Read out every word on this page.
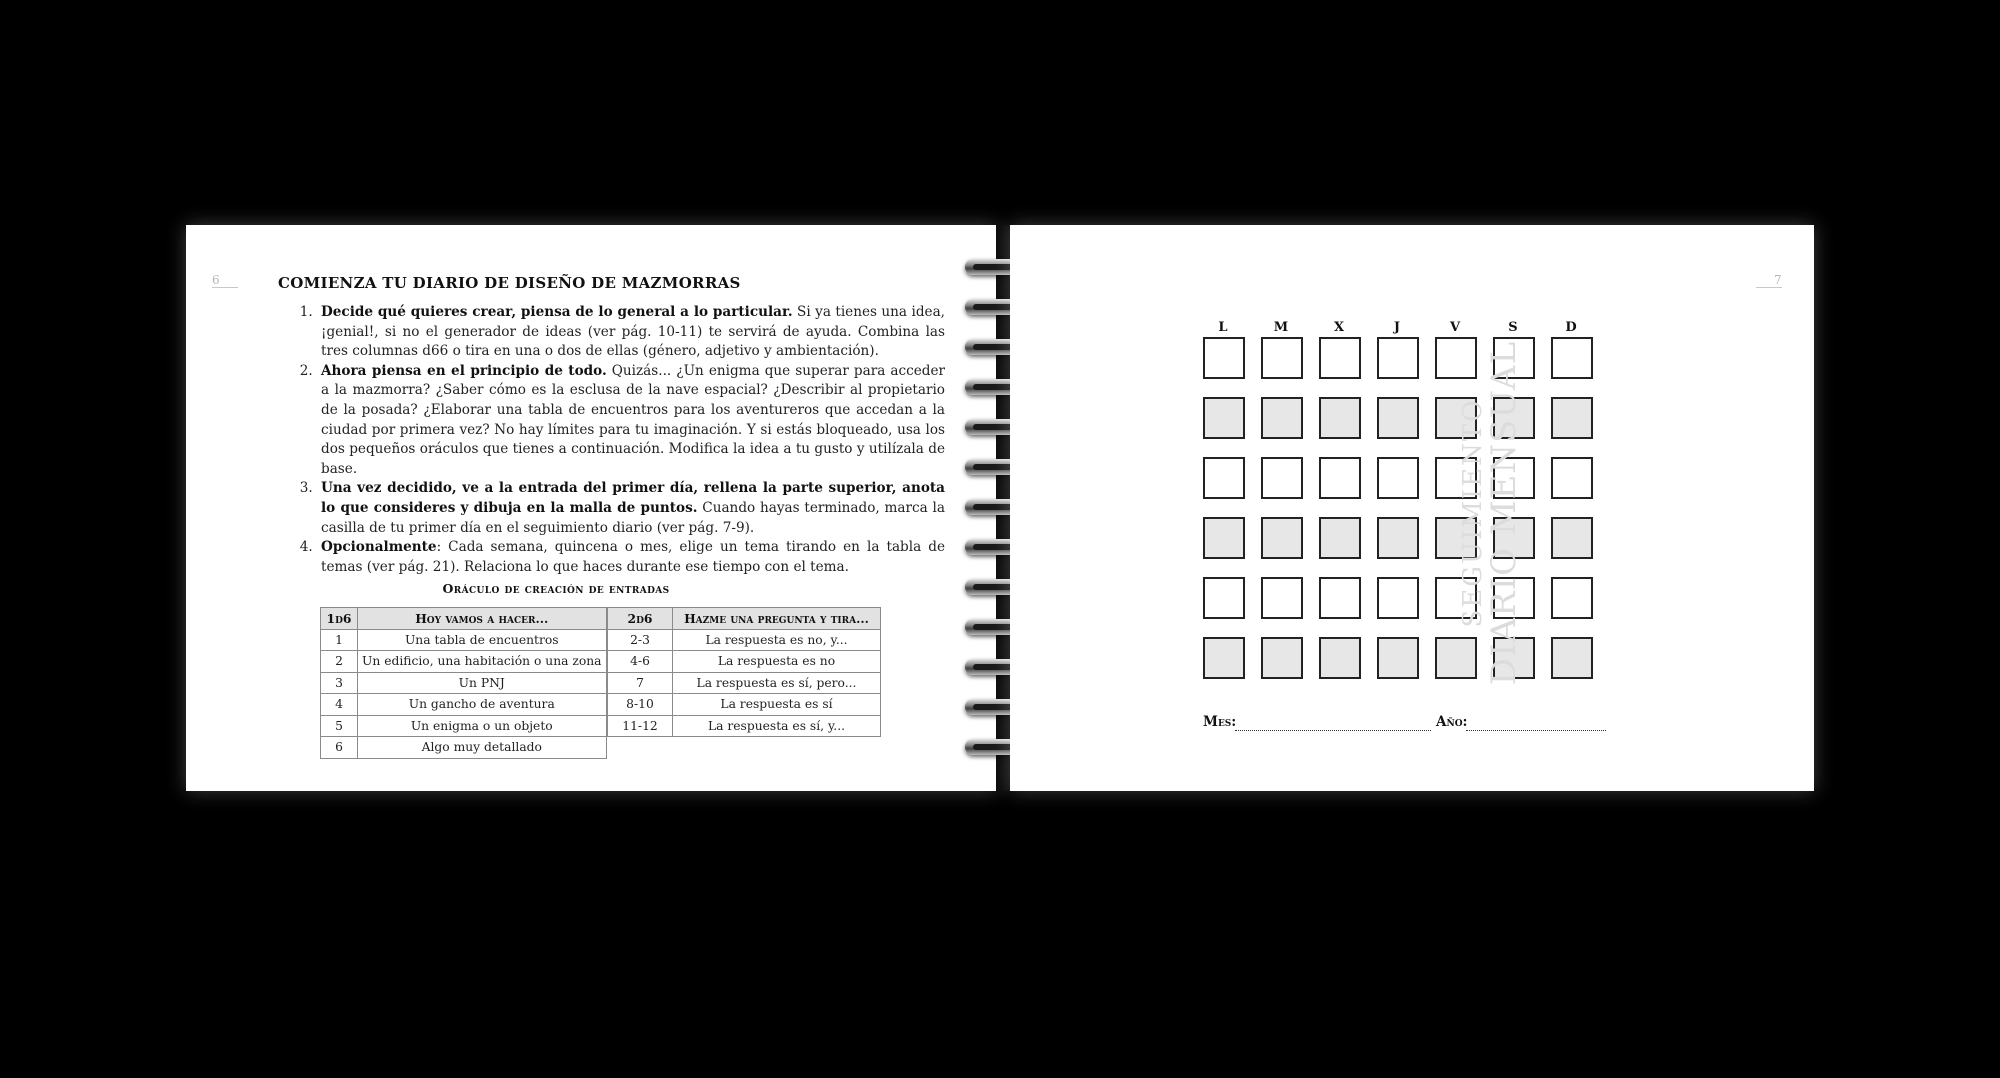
6	COMIENZA TU DIARIO DE DISEÑO DE MAZMORRAS
1. Decide qué quieres crear, piensa de lo general a lo particular. Si ya tienes una idea, ¡genial!, si no el generador de ideas (ver pág. 10-11) te servirá de ayuda. Combina las tres columnas d66 o tira en una o dos de ellas (género, adjetivo y ambientación).
2. Ahora piensa en el principio de todo. Quizás... ¿Un enigma que superar para acceder a la mazmorra? ¿Saber cómo es la esclusa de la nave espacial? ¿Describir al propietario de la posada? ¿Elaborar una tabla de encuentros para los aventureros que accedan a la ciudad por primera vez? No hay límites para tu imaginación. Y si estás bloqueado, usa los dos pequeños oráculos que tienes a continuación. Modifica la idea a tu gusto y utilízala de base.
3. Una vez decidido, ve a la entrada del primer día, rellena la parte superior, anota lo que consideres y dibuja en la malla de puntos. Cuando hayas terminado, marca la casilla de tu primer día en el seguimiento diario (ver pág. 7-9).
4. Opcionalmente: Cada semana, quincena o mes, elige un tema tirando en la tabla de temas (ver pág. 21). Relaciona lo que haces durante ese tiempo con el tema.
Oráculo de creación de entradas
1d6	Hoy vamos a hacer...
1	Una tabla de encuentros
2	Un edificio, una habitación o una zona
3	Un PNJ
4	Un gancho de aventura
5	Un enigma o un objeto
6	Algo muy detallado
2d6	Hazme una pregunta y tira...
2-3	La respuesta es no, y...
4-6	La respuesta es no
7	La respuesta es sí, pero...
8-10	La respuesta es sí
11-12	La respuesta es sí, y...
7
L	M	X	J	V	S	D
Mes:	Año:
SEGUIMIENTO
DIARIO MENSUAL
